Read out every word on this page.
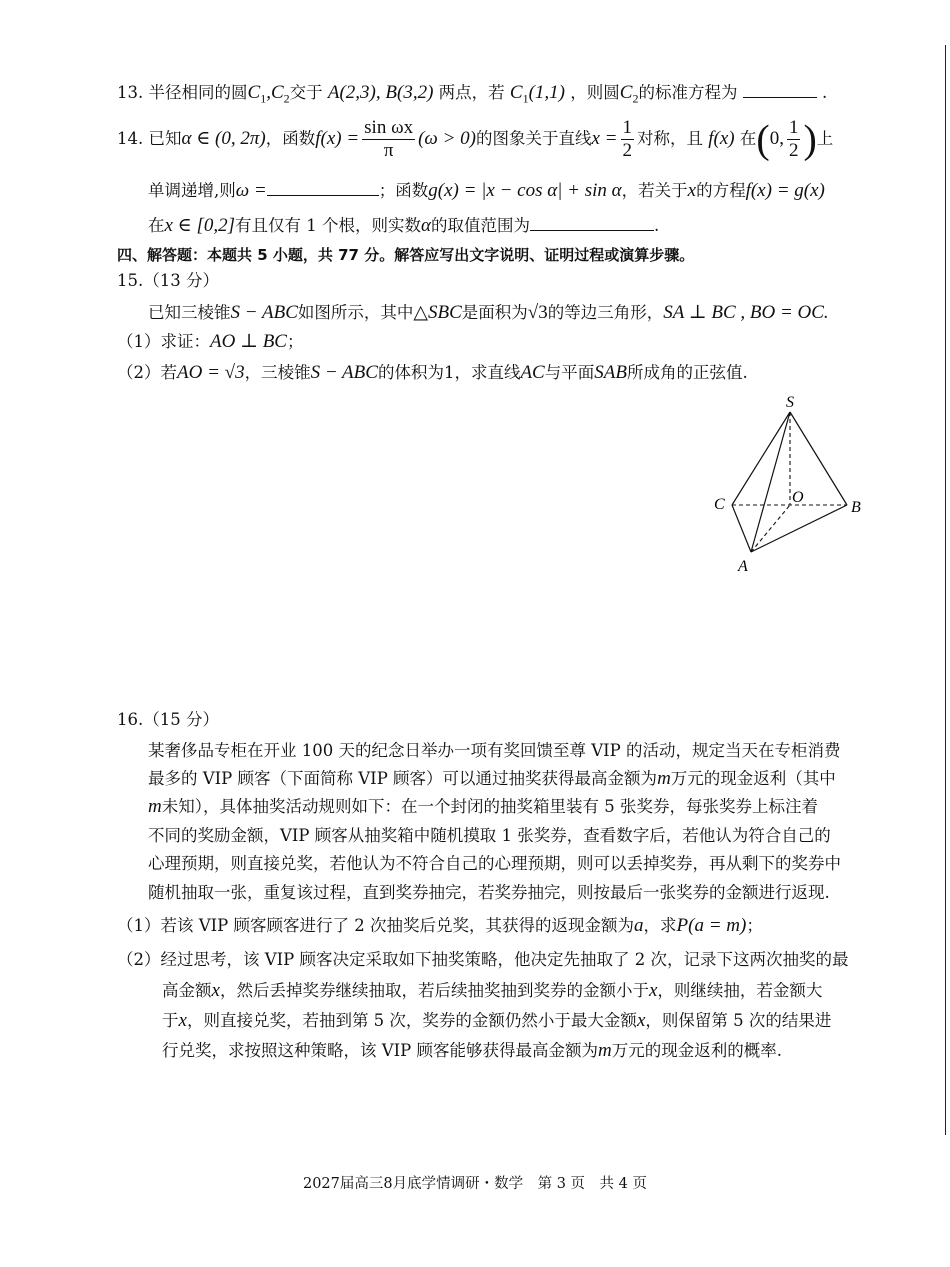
13. 半径相同的圆$C_1,C_2$交于 A(2,3), B(3,2) 两点，若 $C_1(1,1)$ ，则圆$C_2$的标准方程为	.
14. 已知α ∈ (0, 2π)，函数$f(x) = \frac{\text{sin ωx}}{\pi} (\omega > 0)$的图象关于直线$x = \frac{1}{2}$ 对称，且 f(x) 在(0, $\frac{1}{2}$ )上
单调递增,则ω =	；函数g(x) = |x − cos α| + sin α，若关于x的方程f(x) = g(x)
在x ∈ [0,2]有且仅有 1 个根，则实数α的取值范围为	.
四、解答题：本题共 5 小题，共 77 分。解答应写出文字说明、证明过程或演算步骤。
15.（13 分）
已知三棱锥S − ABC如图所示，其中△SBC是面积为√3的等边三角形，SA ⊥ BC , BO = OC.
（1）求证：AO ⊥ BC；
（2）若AO = √3，三棱锥S − ABC的体积为1，求直线AC与平面SAB所成角的正弦值.
S
C	O
B
A
16.（15 分）
某奢侈品专柜在开业 100 天的纪念日举办一项有奖回馈至尊 VIP 的活动，规定当天在专柜消费
最多的 VIP 顾客（下面简称 VIP 顾客）可以通过抽奖获得最高金额为m万元的现金返利（其中
m未知），具体抽奖活动规则如下：在一个封闭的抽奖箱里装有 5 张奖券，每张奖券上标注着
不同的奖励金额，VIP 顾客从抽奖箱中随机摸取 1 张奖券，查看数字后，若他认为符合自己的
心理预期，则直接兑奖，若他认为不符合自己的心理预期，则可以丢掉奖券，再从剩下的奖券中
随机抽取一张，重复该过程，直到奖券抽完，若奖券抽完，则按最后一张奖券的金额进行返现.
（1）若该 VIP 顾客顾客进行了 2 次抽奖后兑奖，其获得的返现金额为a，求P(a = m)；
（2）经过思考，该 VIP 顾客决定采取如下抽奖策略，他决定先抽取了 2 次，记录下这两次抽奖的最
高金额x，然后丢掉奖券继续抽取，若后续抽奖抽到奖券的金额小于x，则继续抽，若金额大
于x，则直接兑奖，若抽到第 5 次，奖券的金额仍然小于最大金额x，则保留第 5 次的结果进
行兑奖，求按照这种策略，该 VIP 顾客能够获得最高金额为m万元的现金返利的概率.
2027届高三8月底学情调研・数学　第 3 页　共 4 页
